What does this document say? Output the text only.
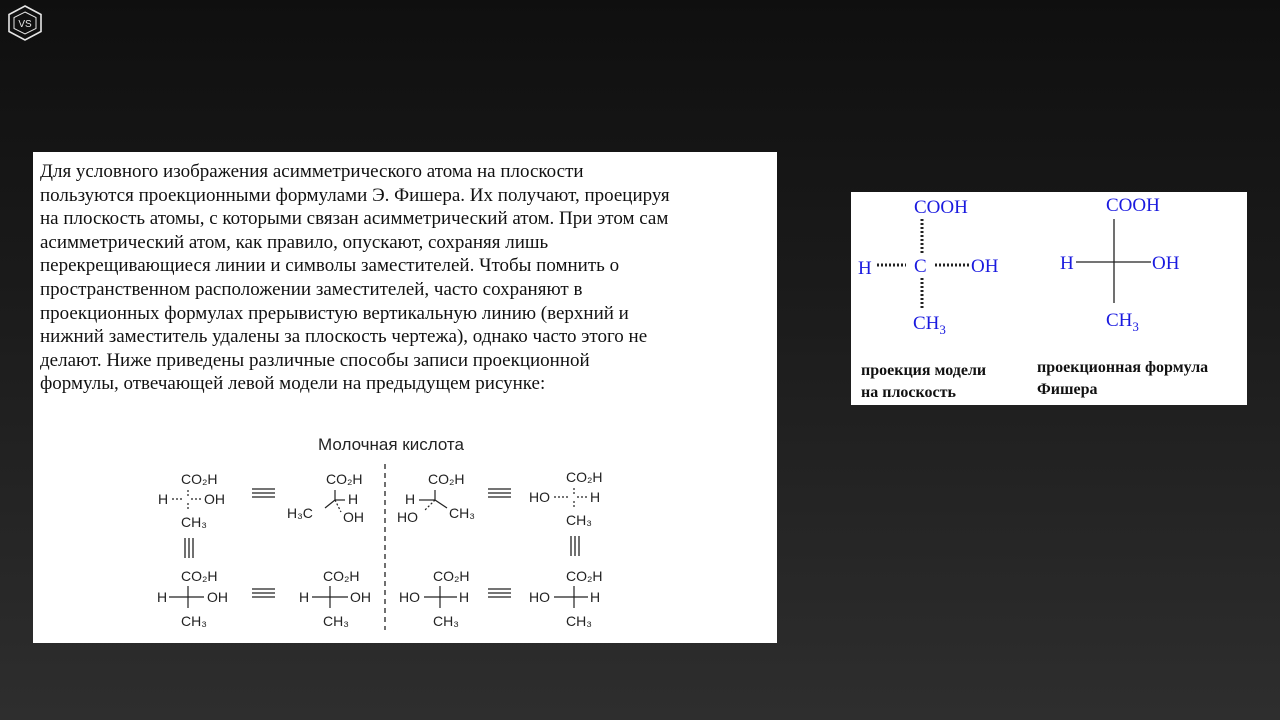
VS
Для условного изображения асимметрического атома на плоскости
пользуются проекционными формулами Э. Фишера. Их получают, проецируя
на плоскость атомы, с которыми связан асимметрический атом. При этом сам
асимметрический атом, как правило, опускают, сохраняя лишь
перекрещивающиеся линии и символы заместителей. Чтобы помнить о
пространственном расположении заместителей, часто сохраняют в
проекционных формулах прерывистую вертикальную линию (верхний и
нижний заместитель удалены за плоскость чертежа), однако часто этого не
делают. Ниже приведены различные способы записи проекционной
формулы, отвечающей левой модели на предыдущем рисунке:
Молочная кислота
CO₂H
H	OH
CH₃
CO₂H
H₃C
H
OH
CO₂H
H
HO CH₃
CO₂H
HO	H
CH₃
CO₂H
H	OH
CH₃
CO₂H
H	OH
CH₃
CO₂H
HO	H
CH₃
CO₂H
HO	H
CH₃
COOH
H C OH
$CH_3$
COOH
H	OH
$CH_3$
проекция модели
на плоскость
проекционная формула
Фишера
